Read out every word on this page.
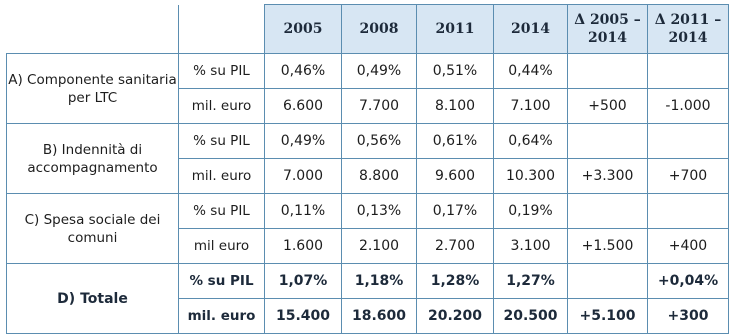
		2005	2008	2011	2014	Δ 2005 – 2014	Δ 2011 – 2014
A) Componente sanitaria per LTC	% su PIL	0,46%	0,49%	0,51%	0,44%		
	mil. euro	6.600	7.700	8.100	7.100	+500	-1.000
B) Indennità di accompagnamento	% su PIL	0,49%	0,56%	0,61%	0,64%		
	mil. euro	7.000	8.800	9.600	10.300	+3.300	+700
C) Spesa sociale dei comuni	% su PIL	0,11%	0,13%	0,17%	0,19%		
	mil euro	1.600	2.100	2.700	3.100	+1.500	+400
D) Totale	% su PIL	1,07%	1,18%	1,28%	1,27%		+0,04%
	mil. euro	15.400	18.600	20.200	20.500	+5.100	+300
